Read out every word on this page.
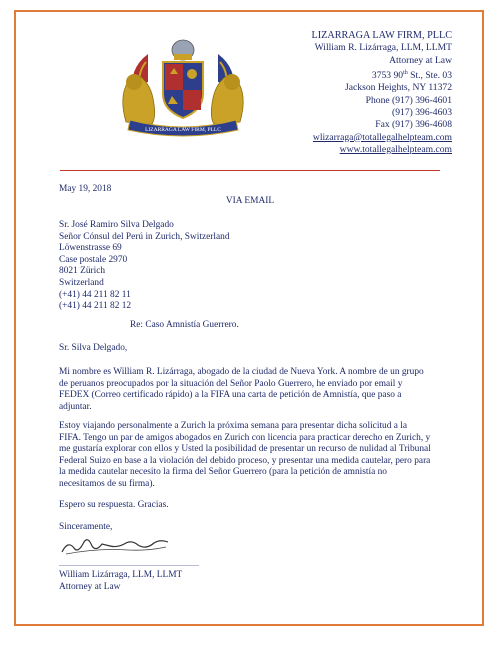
LIZARRAGA LAW FIRM, PLLC
LIZARRAGA LAW FIRM, PLLC
William R. Lizárraga, LLM, LLMT
Attorney at Law
3753 90th St., Ste. 03
Jackson Heights, NY 11372
Phone (917) 396-4601
(917) 396-4603
Fax (917) 396-4608
wlizarraga@totallegalhelpteam.com
www.totallegalhelpteam.com
May 19, 2018
VIA EMAIL
Sr. José Ramiro Silva Delgado
Señor Cónsul del Perú in Zurich, Switzerland
Löwenstrasse 69
Case postale 2970
8021 Zürich
Switzerland
(+41) 44 211 82 11
(+41) 44 211 82 12
Re: Caso Amnistía Guerrero.
Sr. Silva Delgado,
Mi nombre es William R. Lizárraga, abogado de la ciudad de Nueva York. A nombre de un grupo de peruanos preocupados por la situación del Señor Paolo Guerrero, he enviado por email y FEDEX (Correo certificado rápido) a la FIFA una carta de petición de Amnistía, que paso a adjuntar.
Estoy viajando personalmente a Zurich la próxima semana para presentar dicha solicitud a la FIFA. Tengo un par de amigos abogados en Zurich con licencia para practicar derecho en Zurich, y me gustaría explorar con ellos y Usted la posibilidad de presentar un recurso de nulidad al Tribunal Federal Suizo en base a la violación del debido proceso, y presentar una medida cautelar, pero para la medida cautelar necesito la firma del Señor Guerrero (para la petición de amnistía no necesitamos de su firma).
Espero su respuesta. Gracias.
Sinceramente,
William Lizárraga, LLM, LLMT
Attorney at Law
